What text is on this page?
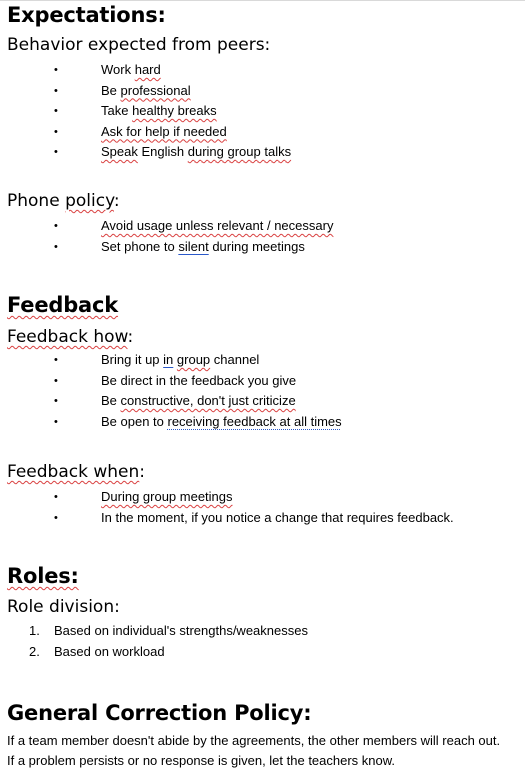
Expectations:
Behavior expected from peers:
• Work hard
• Be professional
• Take healthy breaks
• Ask for help if needed
• Speak English during group talks
Phone policy:
• Avoid usage unless relevant / necessary
• Set phone to silent during meetings
Feedback
Feedback how:
• Bring it up in group channel
• Be direct in the feedback you give
• Be constructive, don't just criticize
• Be open to receiving feedback at all times
Feedback when:
• During group meetings
• In the moment, if you notice a change that requires feedback.
Roles:
Role division:
1. Based on individual's strengths/weaknesses
2. Based on workload
General Correction Policy:

If a team member doesn't abide by the agreements, the other members will reach out.

If a problem persists or no response is given, let the teachers know.
